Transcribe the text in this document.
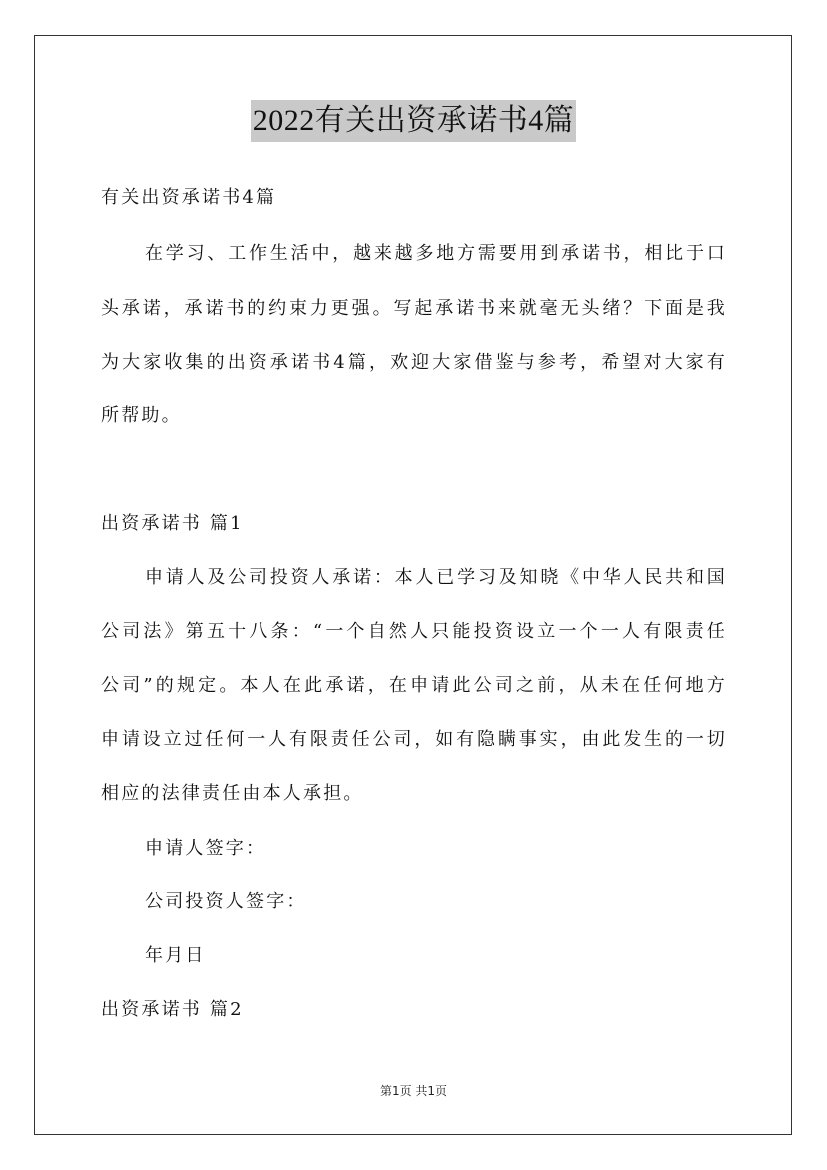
2022有关出资承诺书4篇
有关出资承诺书4篇
在学习、工作生活中，越来越多地方需要用到承诺书，相比于口
头承诺，承诺书的约束力更强。写起承诺书来就毫无头绪？下面是我
为大家收集的出资承诺书4篇，欢迎大家借鉴与参考，希望对大家有
所帮助。
出资承诺书 篇1
申请人及公司投资人承诺：本人已学习及知晓《中华人民共和国
公司法》第五十八条：“一个自然人只能投资设立一个一人有限责任
公司”的规定。本人在此承诺，在申请此公司之前，从未在任何地方
申请设立过任何一人有限责任公司，如有隐瞒事实，由此发生的一切
相应的法律责任由本人承担。
申请人签字：
公司投资人签字：
年月日
出资承诺书 篇2
第1页 共1页
